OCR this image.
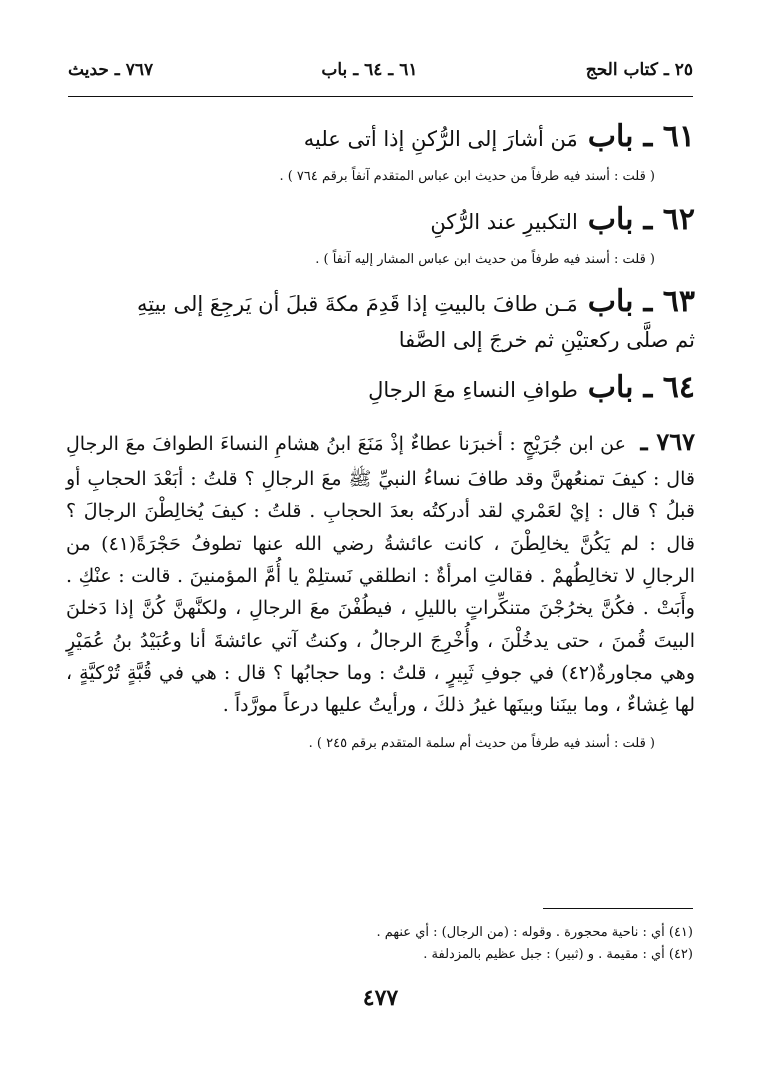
٢٥ ـ كتاب الحج
٦١ ـ ٦٤ ـ باب
٧٦٧ ـ حديث
٦١ ـ
باب
مَن أشارَ إلى الرُّكنِ إذا أتى عليه
( قلت : أسند فيه طرفاً من حديث ابن عباس المتقدم آنفاً برقم ٧٦٤ ) .
٦٢ ـ
باب
التكبيرِ عند الرُّكنِ
( قلت : أسند فيه طرفاً من حديث ابن عباس المشار إليه آنفاً ) .
٦٣ ـ
باب
مَـن طافَ بالبيتِ إذا قَدِمَ مكةَ قبلَ أن يَرجِعَ إلى بيتِهِ
ثم صلَّى ركعتيْنِ ثم خرجَ إلى الصَّفا
٦٤ ـ
باب
طوافِ النساءِ معَ الرجالِ
٧٦٧ ـ عن ابن جُرَيْجٍ : أخبرَنا عطاءٌ إذْ مَنَعَ ابنُ هشامِ النساءَ الطوافَ معَ الرجالِ قال : كيفَ تمنعُهنَّ وقد طافَ نساءُ النبيِّ ﷺ معَ الرجالِ ؟ قلتُ : أبَعْدَ الحجابِ أو قبلُ ؟ قال : إيْ لعَمْري لقد أدركتُه بعدَ الحجابِ . قلتُ : كيفَ يُخالِطْنَ الرجالَ ؟ قال : لم يَكُنَّ يخالِطْنَ ، كانت عائشةُ رضي الله عنها تطوفُ حَجْرَةً(٤١) من الرجالِ لا تخالِطُهمْ . فقالتِ امرأةٌ : انطلقي نَستلِمْ يا أُمَّ المؤمنينَ . قالت : عنْكِ . وأَبَتْ . فكُنَّ يخرُجْنَ متنكِّراتٍ بالليلِ ، فيطُفْنَ معَ الرجالِ ، ولكنَّهنَّ كُنَّ إذا دَخلنَ البيتَ قُمنَ ، حتى يدخُلْنَ ، وأُخْرِجَ الرجالُ ، وكنتُ آتي عائشةَ أنا وعُبَيْدُ بنُ عُمَيْرٍ وهي مجاورةٌ(٤٢) في جوفِ ثَبِيرٍ ، قلتُ : وما حجابُها ؟ قال : هي في قُبَّةٍ تُرْكيَّةٍ ، لها غِشاءٌ ، وما بينَنا وبينَها غيرُ ذلكَ ، ورأيتُ عليها درعاً مورَّداً .
( قلت : أسند فيه طرفاً من حديث أم سلمة المتقدم برقم ٢٤٥ ) .
(٤١) أي : ناحية محجورة . وقوله : (من الرجال) : أي عنهم .
(٤٢) أي : مقيمة . و (ثبير) : جبل عظيم بالمزدلفة .
٤٧٧
